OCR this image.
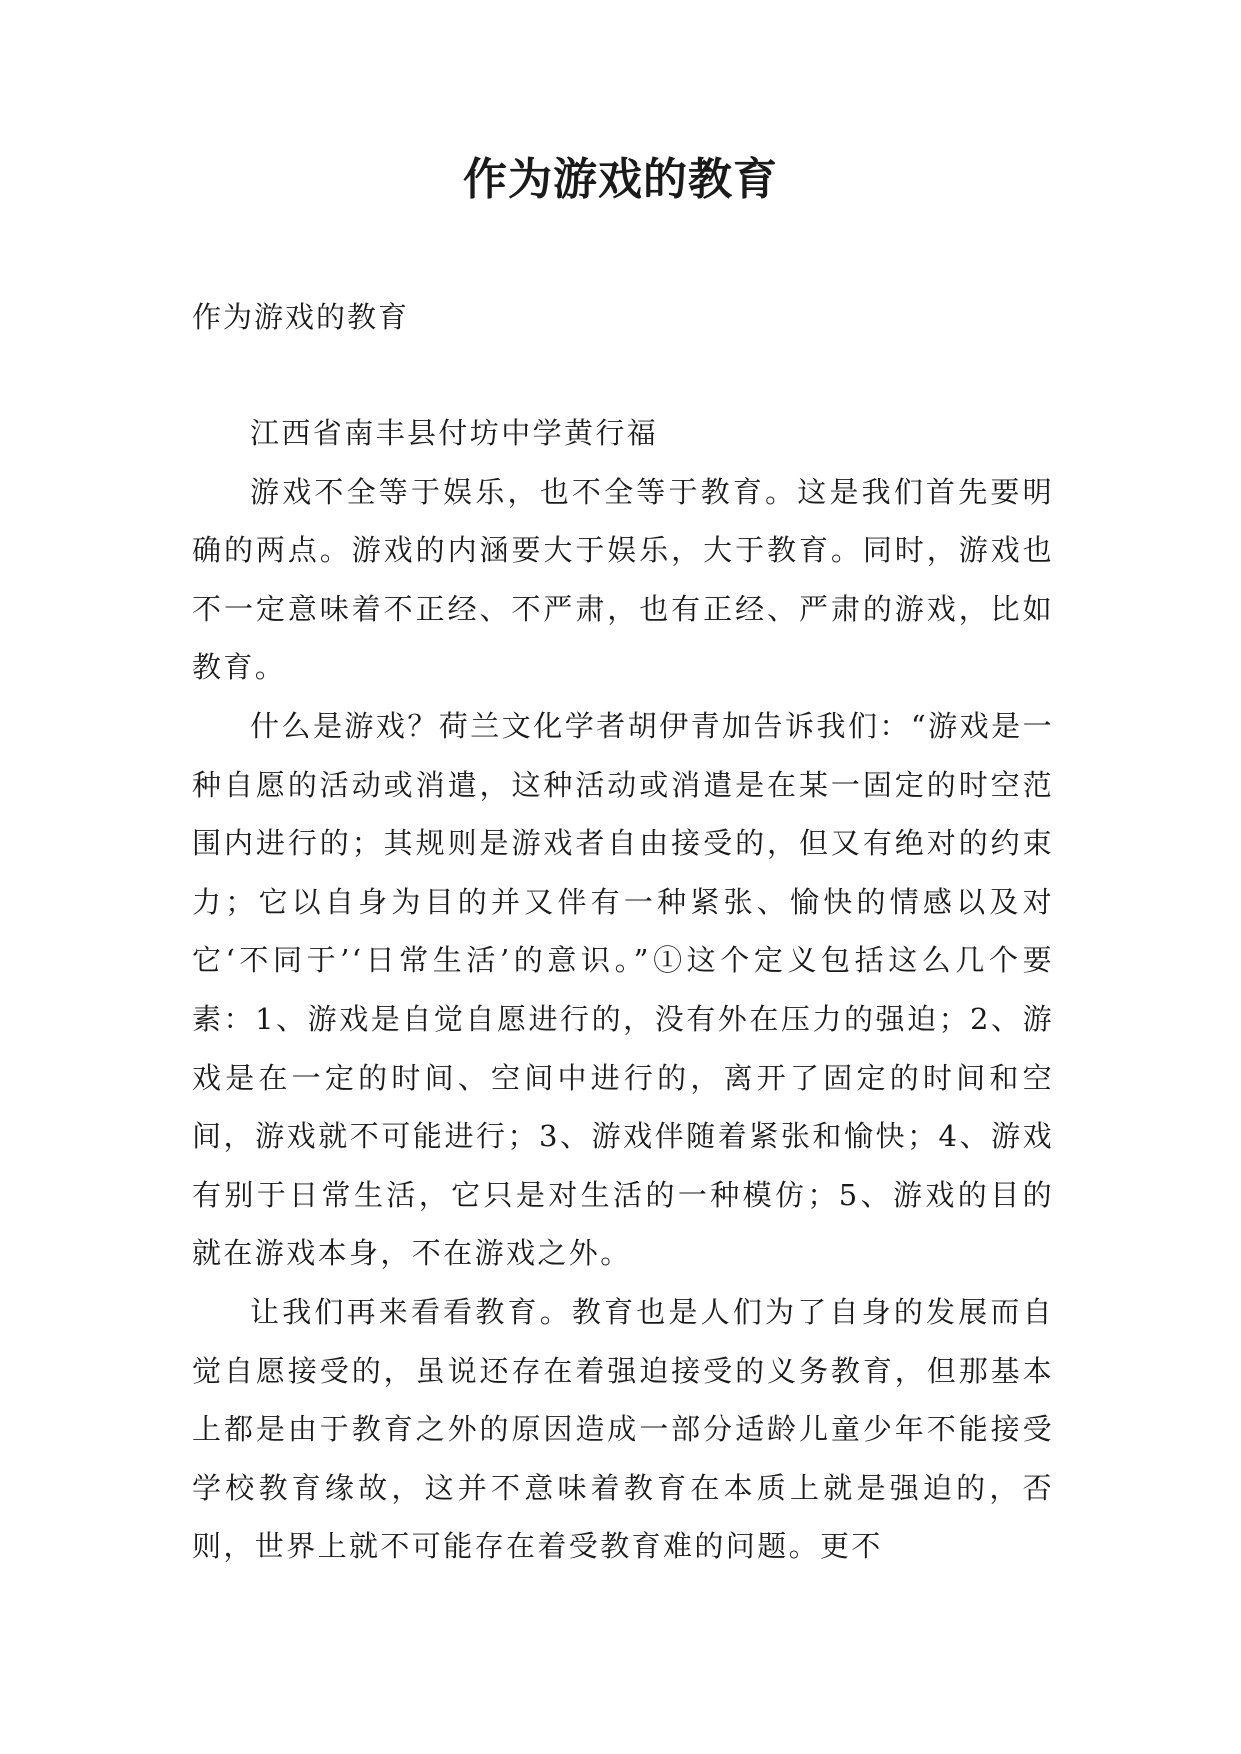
作为游戏的教育
作为游戏的教育

江西省南丰县付坊中学黄行福

游戏不全等于娱乐，也不全等于教育。这是我们首先要明确的两点。游戏的内涵要大于娱乐，大于教育。同时，游戏也不一定意味着不正经、不严肃，也有正经、严肃的游戏，比如教育。

什么是游戏？荷兰文化学者胡伊青加告诉我们：“游戏是一种自愿的活动或消遣，这种活动或消遣是在某一固定的时空范围内进行的；其规则是游戏者自由接受的，但又有绝对的约束力；它以自身为目的并又伴有一种紧张、愉快的情感以及对它‘不同于’‘日常生活’的意识。”①这个定义包括这么几个要素：1、游戏是自觉自愿进行的，没有外在压力的强迫；2、游戏是在一定的时间、空间中进行的，离开了固定的时间和空间，游戏就不可能进行；3、游戏伴随着紧张和愉快；4、游戏有别于日常生活，它只是对生活的一种模仿；5、游戏的目的就在游戏本身，不在游戏之外。

让我们再来看看教育。教育也是人们为了自身的发展而自觉自愿接受的，虽说还存在着强迫接受的义务教育，但那基本上都是由于教育之外的原因造成一部分适龄儿童少年不能接受学校教育缘故，这并不意味着教育在本质上就是强迫的，否则，世界上就不可能存在着受教育难的问题。更不
